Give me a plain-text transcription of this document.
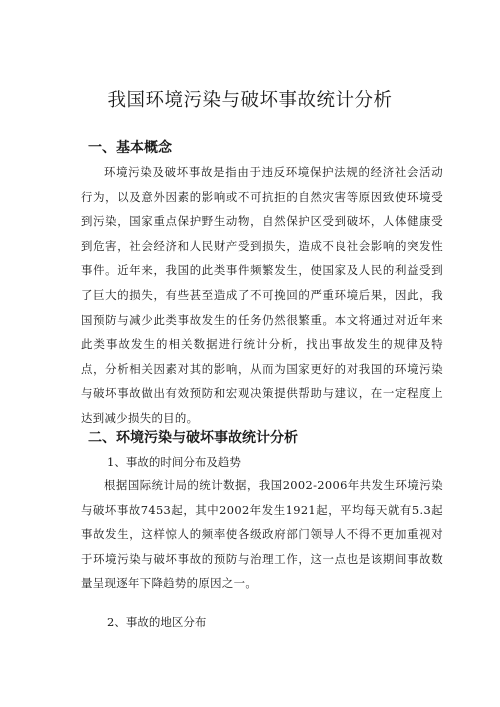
我国环境污染与破坏事故统计分析
一、基本概念

环境污染及破坏事故是指由于违反环境保护法规的经济社会活动行为，以及意外因素的影响或不可抗拒的自然灾害等原因致使环境受到污染，国家重点保护野生动物，自然保护区受到破坏，人体健康受到危害，社会经济和人民财产受到损失，造成不良社会影响的突发性事件。近年来，我国的此类事件频繁发生，使国家及人民的利益受到了巨大的损失，有些甚至造成了不可挽回的严重环境后果，因此，我国预防与减少此类事故发生的任务仍然很繁重。本文将通过对近年来此类事故发生的相关数据进行统计分析，找出事故发生的规律及特点，分析相关因素对其的影响，从而为国家更好的对我国的环境污染与破坏事故做出有效预防和宏观决策提供帮助与建议，在一定程度上达到减少损失的目的。

二、环境污染与破坏事故统计分析
1、事故的时间分布及趋势

根据国际统计局的统计数据，我国2002-2006年共发生环境污染与破坏事故7453起，其中2002年发生1921起，平均每天就有5.3起事故发生，这样惊人的频率使各级政府部门领导人不得不更加重视对于环境污染与破坏事故的预防与治理工作，这一点也是该期间事故数量呈现逐年下降趋势的原因之一。

2、事故的地区分布
